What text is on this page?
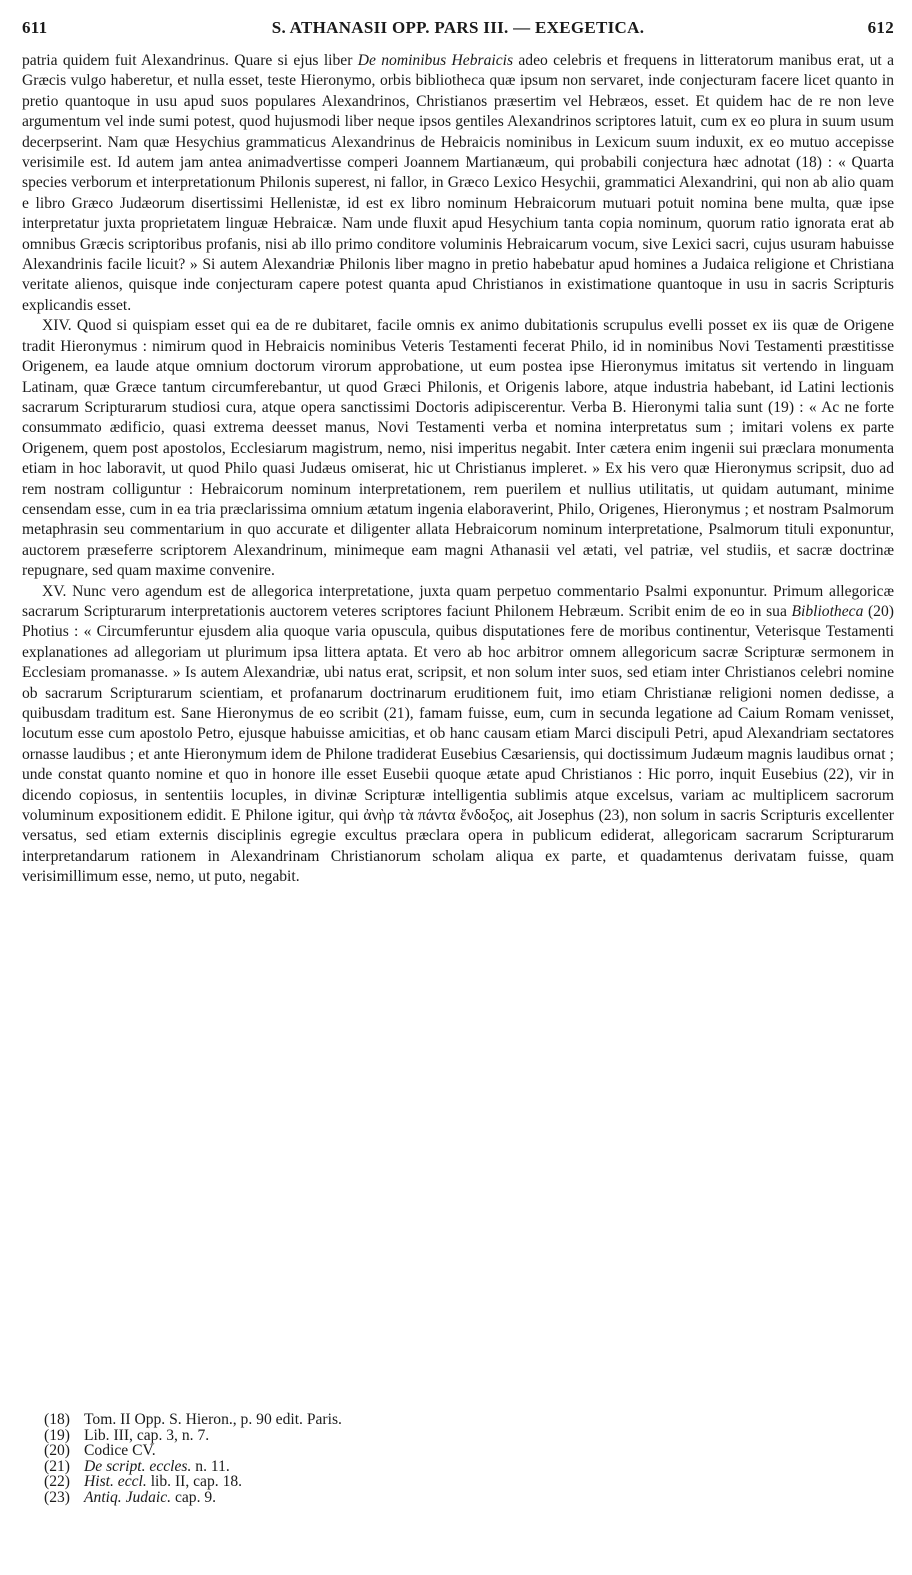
611	S. ATHANASII OPP. PARS III. — EXEGETICA.	612

patria quidem fuit Alexandrinus. Quare si ejus liber De nominibus Hebraicis adeo celebris et frequens in litteratorum manibus erat, ut a Græcis vulgo haberetur, et nulla esset, teste Hieronymo, orbis bibliotheca quæ ipsum non servaret, inde conjecturam facere licet quanto in pretio quantoque in usu apud suos populares Alexandrinos, Christianos præsertim vel Hebræos, esset. Et quidem hac de re non leve argumentum vel inde sumi potest, quod hujusmodi liber neque ipsos gentiles Alexandrinos scriptores latuit, cum ex eo plura in suum usum decerpserint. Nam quæ Hesychius grammaticus Alexandrinus de Hebraicis nominibus in Lexicum suum induxit, ex eo mutuo accepisse verisimile est. Id autem jam antea animadvertisse comperi Joannem Martianæum, qui probabili conjectura hæc adnotat (18) : « Quarta species verborum et interpretationum Philonis superest, ni fallor, in Græco Lexico Hesychii, grammatici Alexandrini, qui non ab alio quam e libro Græco Judæorum disertissimi Hellenistæ, id est ex libro nominum Hebraicorum mutuari potuit nomina bene multa, quæ ipse interpretatur juxta proprietatem linguæ Hebraicæ. Nam unde fluxit apud Hesychium tanta copia nominum, quorum ratio ignorata erat ab omnibus Græcis scriptoribus profanis, nisi ab illo primo conditore voluminis Hebraicarum vocum, sive Lexici sacri, cujus usuram habuisse Alexandrinis facile licuit? » Si autem Alexandriæ Philonis liber magno in pretio habebatur apud homines a Judaica religione et Christiana veritate alienos, quisque inde conjecturam capere potest quanta apud Christianos in existimatione quantoque in usu in sacris Scripturis explicandis esset.

XIV. Quod si quispiam esset qui ea de re dubitaret, facile omnis ex animo dubitationis scrupulus evelli posset ex iis quæ de Origene tradit Hieronymus : nimirum quod in Hebraicis nominibus Veteris Testamenti fecerat Philo, id in nominibus Novi Testamenti præstitisse Origenem, ea laude atque omnium doctorum virorum approbatione, ut eum postea ipse Hieronymus imitatus sit vertendo in linguam Latinam, quæ Græce tantum circumferebantur, ut quod Græci Philonis, et Origenis labore, atque industria habebant, id Latini lectionis sacrarum Scripturarum studiosi cura, atque opera sanctissimi Doctoris adipiscerentur. Verba B. Hieronymi talia sunt (19) : « Ac ne forte consummato ædificio, quasi extrema deesset manus, Novi Testamenti verba et nomina interpretatus sum ; imitari volens ex parte Origenem, quem post apostolos, Ecclesiarum magistrum, nemo, nisi imperitus negabit. Inter cætera enim ingenii sui præclara monumenta etiam in hoc laboravit, ut quod Philo quasi Judæus omiserat, hic ut Christianus impleret. » Ex his vero quæ Hieronymus scripsit, duo ad rem nostram colliguntur : Hebraicorum nominum interpretationem, rem puerilem et nullius utilitatis, ut quidam autumant, minime censendam esse, cum in ea tria præclarissima omnium ætatum ingenia elaboraverint, Philo, Origenes, Hieronymus ; et nostram Psalmorum metaphrasin seu commentarium in quo accurate et diligenter allata Hebraicorum nominum interpretatione, Psalmorum tituli exponuntur, auctorem præseferre scriptorem Alexandrinum, minimeque eam magni Athanasii vel ætati, vel patriæ, vel studiis, et sacræ doctrinæ repugnare, sed quam maxime convenire.

XV. Nunc vero agendum est de allegorica interpretatione, juxta quam perpetuo commentario Psalmi exponuntur. Primum allegoricæ sacrarum Scripturarum interpretationis auctorem veteres scriptores faciunt Philonem Hebræum. Scribit enim de eo in sua Bibliotheca (20) Photius : « Circumferuntur ejusdem alia quoque varia opuscula, quibus disputationes fere de moribus continentur, Veterisque Testamenti explanationes ad allegoriam ut plurimum ipsa littera aptata. Et vero ab hoc arbitror omnem allegoricum sacræ Scripturæ sermonem in Ecclesiam promanasse. » Is autem Alexandriæ, ubi natus erat, scripsit, et non solum inter suos, sed etiam inter Christianos celebri nomine ob sacrarum Scripturarum scientiam, et profanarum doctrinarum eruditionem fuit, imo etiam Christianæ religioni nomen dedisse, a quibusdam traditum est. Sane Hieronymus de eo scribit (21), famam fuisse, eum, cum in secunda legatione ad Caium Romam venisset, locutum esse cum apostolo Petro, ejusque habuisse amicitias, et ob hanc causam etiam Marci discipuli Petri, apud Alexandriam sectatores ornasse laudibus ; et ante Hieronymum idem de Philone tradiderat Eusebius Cæsariensis, qui doctissimum Judæum magnis laudibus ornat ; unde constat quanto nomine et quo in honore ille esset Eusebii quoque ætate apud Christianos : Hic porro, inquit Eusebius (22), vir in dicendo copiosus, in sententiis locuples, in divinæ Scripturæ intelligentia sublimis atque excelsus, variam ac multiplicem sacrorum voluminum expositionem edidit. E Philone igitur, qui ἀνὴρ τὰ πάντα ἔνδοξος, ait Josephus (23), non solum in sacris Scripturis excellenter versatus, sed etiam externis disciplinis egregie excultus præclara opera in publicum ediderat, allegoricam sacrarum Scripturarum interpretandarum rationem in Alexandrinam Christianorum scholam aliqua ex parte, et quadamtenus derivatam fuisse, quam verisimillimum esse, nemo, ut puto, negabit.

(18) Tom. II Opp. S. Hieron., p. 90 edit. Paris.
(19) Lib. III, cap. 3, n. 7.
(20) Codice CV.
(21) De script. eccles. n. 11.
(22) Hist. eccl. lib. II, cap. 18.
(23) Antiq. Judaic. cap. 9.
